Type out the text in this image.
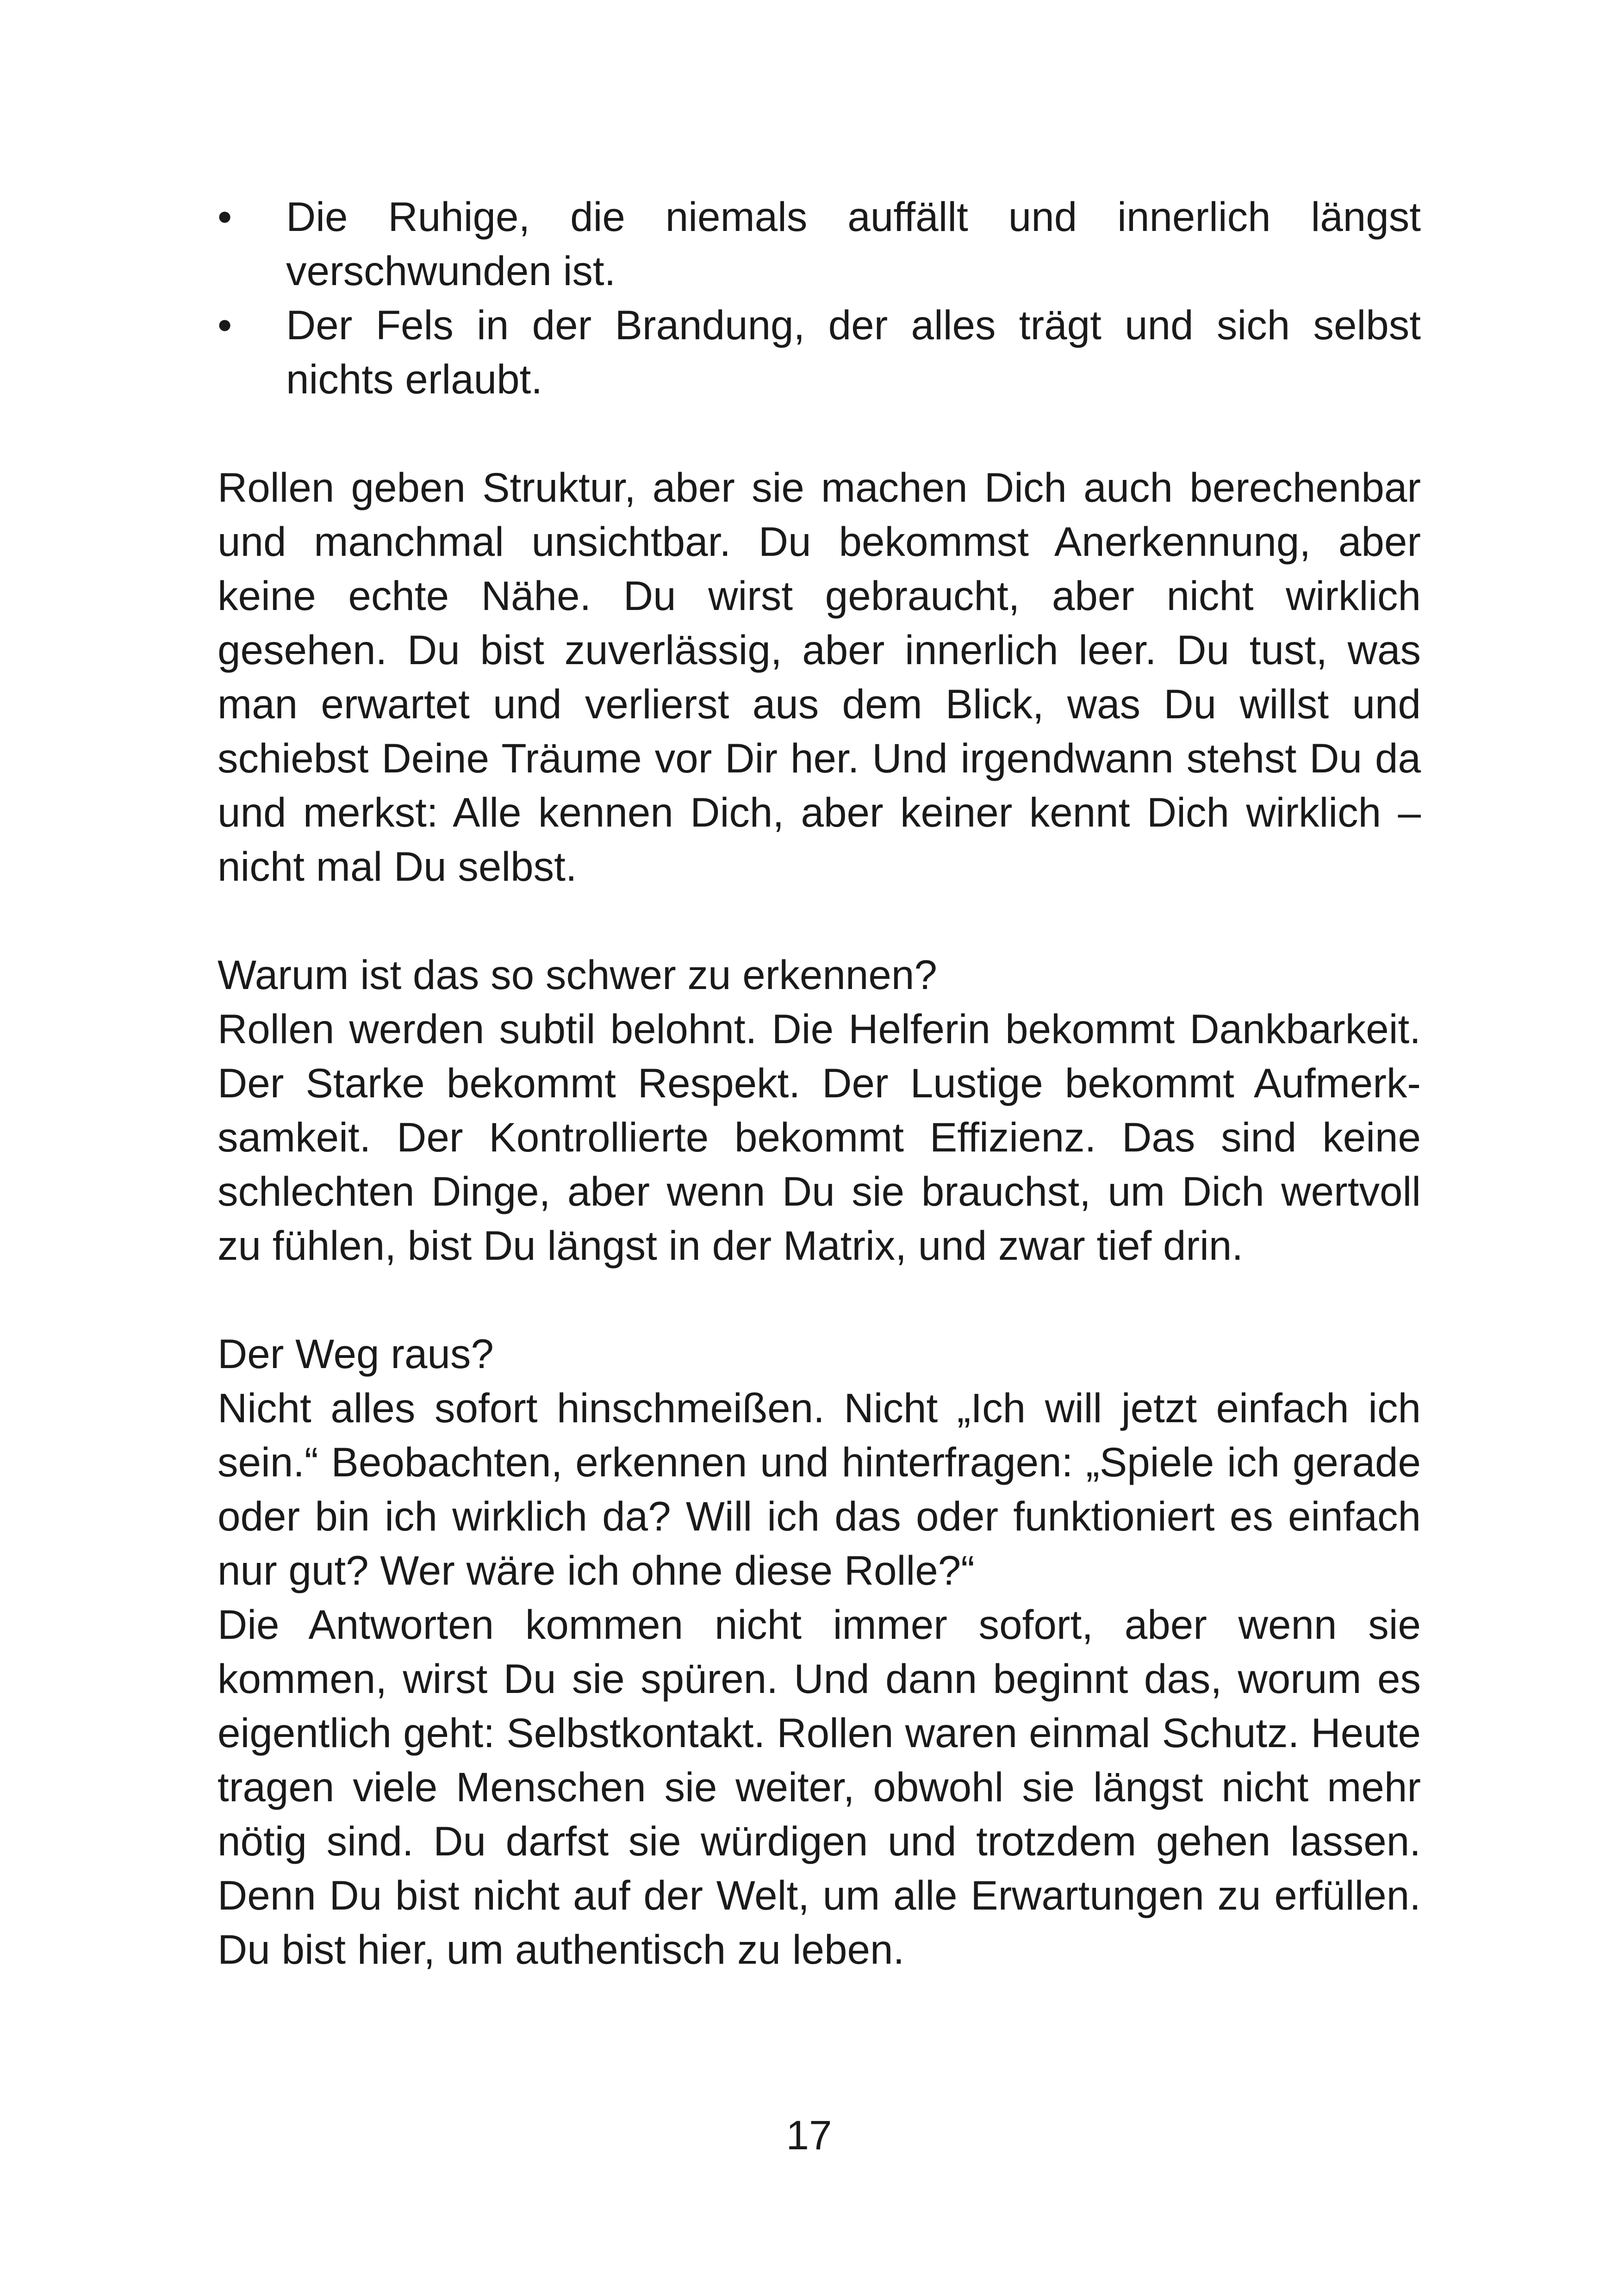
•	Die Ruhige, die niemals auffällt und innerlich längst verschwunden ist.
•	Der Fels in der Brandung, der alles trägt und sich selbst nichts erlaubt.

Rollen geben Struktur, aber sie machen Dich auch berechenbar und manchmal unsichtbar. Du bekommst Anerkennung, aber keine echte Nähe. Du wirst gebraucht, aber nicht wirklich gesehen. Du bist zuverlässig, aber innerlich leer. Du tust, was man erwartet und verlierst aus dem Blick, was Du willst und schiebst Deine Träume vor Dir her. Und irgendwann stehst Du da und merkst: Alle kennen Dich, aber keiner kennt Dich wirklich – nicht mal Du selbst.

Warum ist das so schwer zu erkennen?

Rollen werden subtil belohnt. Die Helferin bekommt Dankbarkeit. Der Starke bekommt Respekt. Der Lustige bekommt Aufmerksamkeit. Der Kontrollierte bekommt Effizienz. Das sind keine schlechten Dinge, aber wenn Du sie brauchst, um Dich wertvoll zu fühlen, bist Du längst in der Matrix, und zwar tief drin.

Der Weg raus?

Nicht alles sofort hinschmeißen. Nicht „Ich will jetzt einfach ich sein.“ Beobachten, erkennen und hinterfragen: „Spiele ich gerade oder bin ich wirklich da? Will ich das oder funktioniert es einfach nur gut? Wer wäre ich ohne diese Rolle?“

Die Antworten kommen nicht immer sofort, aber wenn sie kommen, wirst Du sie spüren. Und dann beginnt das, worum es eigentlich geht: Selbstkontakt. Rollen waren einmal Schutz. Heute tragen viele Menschen sie weiter, obwohl sie längst nicht mehr nötig sind. Du darfst sie würdigen und trotzdem gehen lassen. Denn Du bist nicht auf der Welt, um alle Erwartungen zu erfüllen. Du bist hier, um authentisch zu leben.

17
